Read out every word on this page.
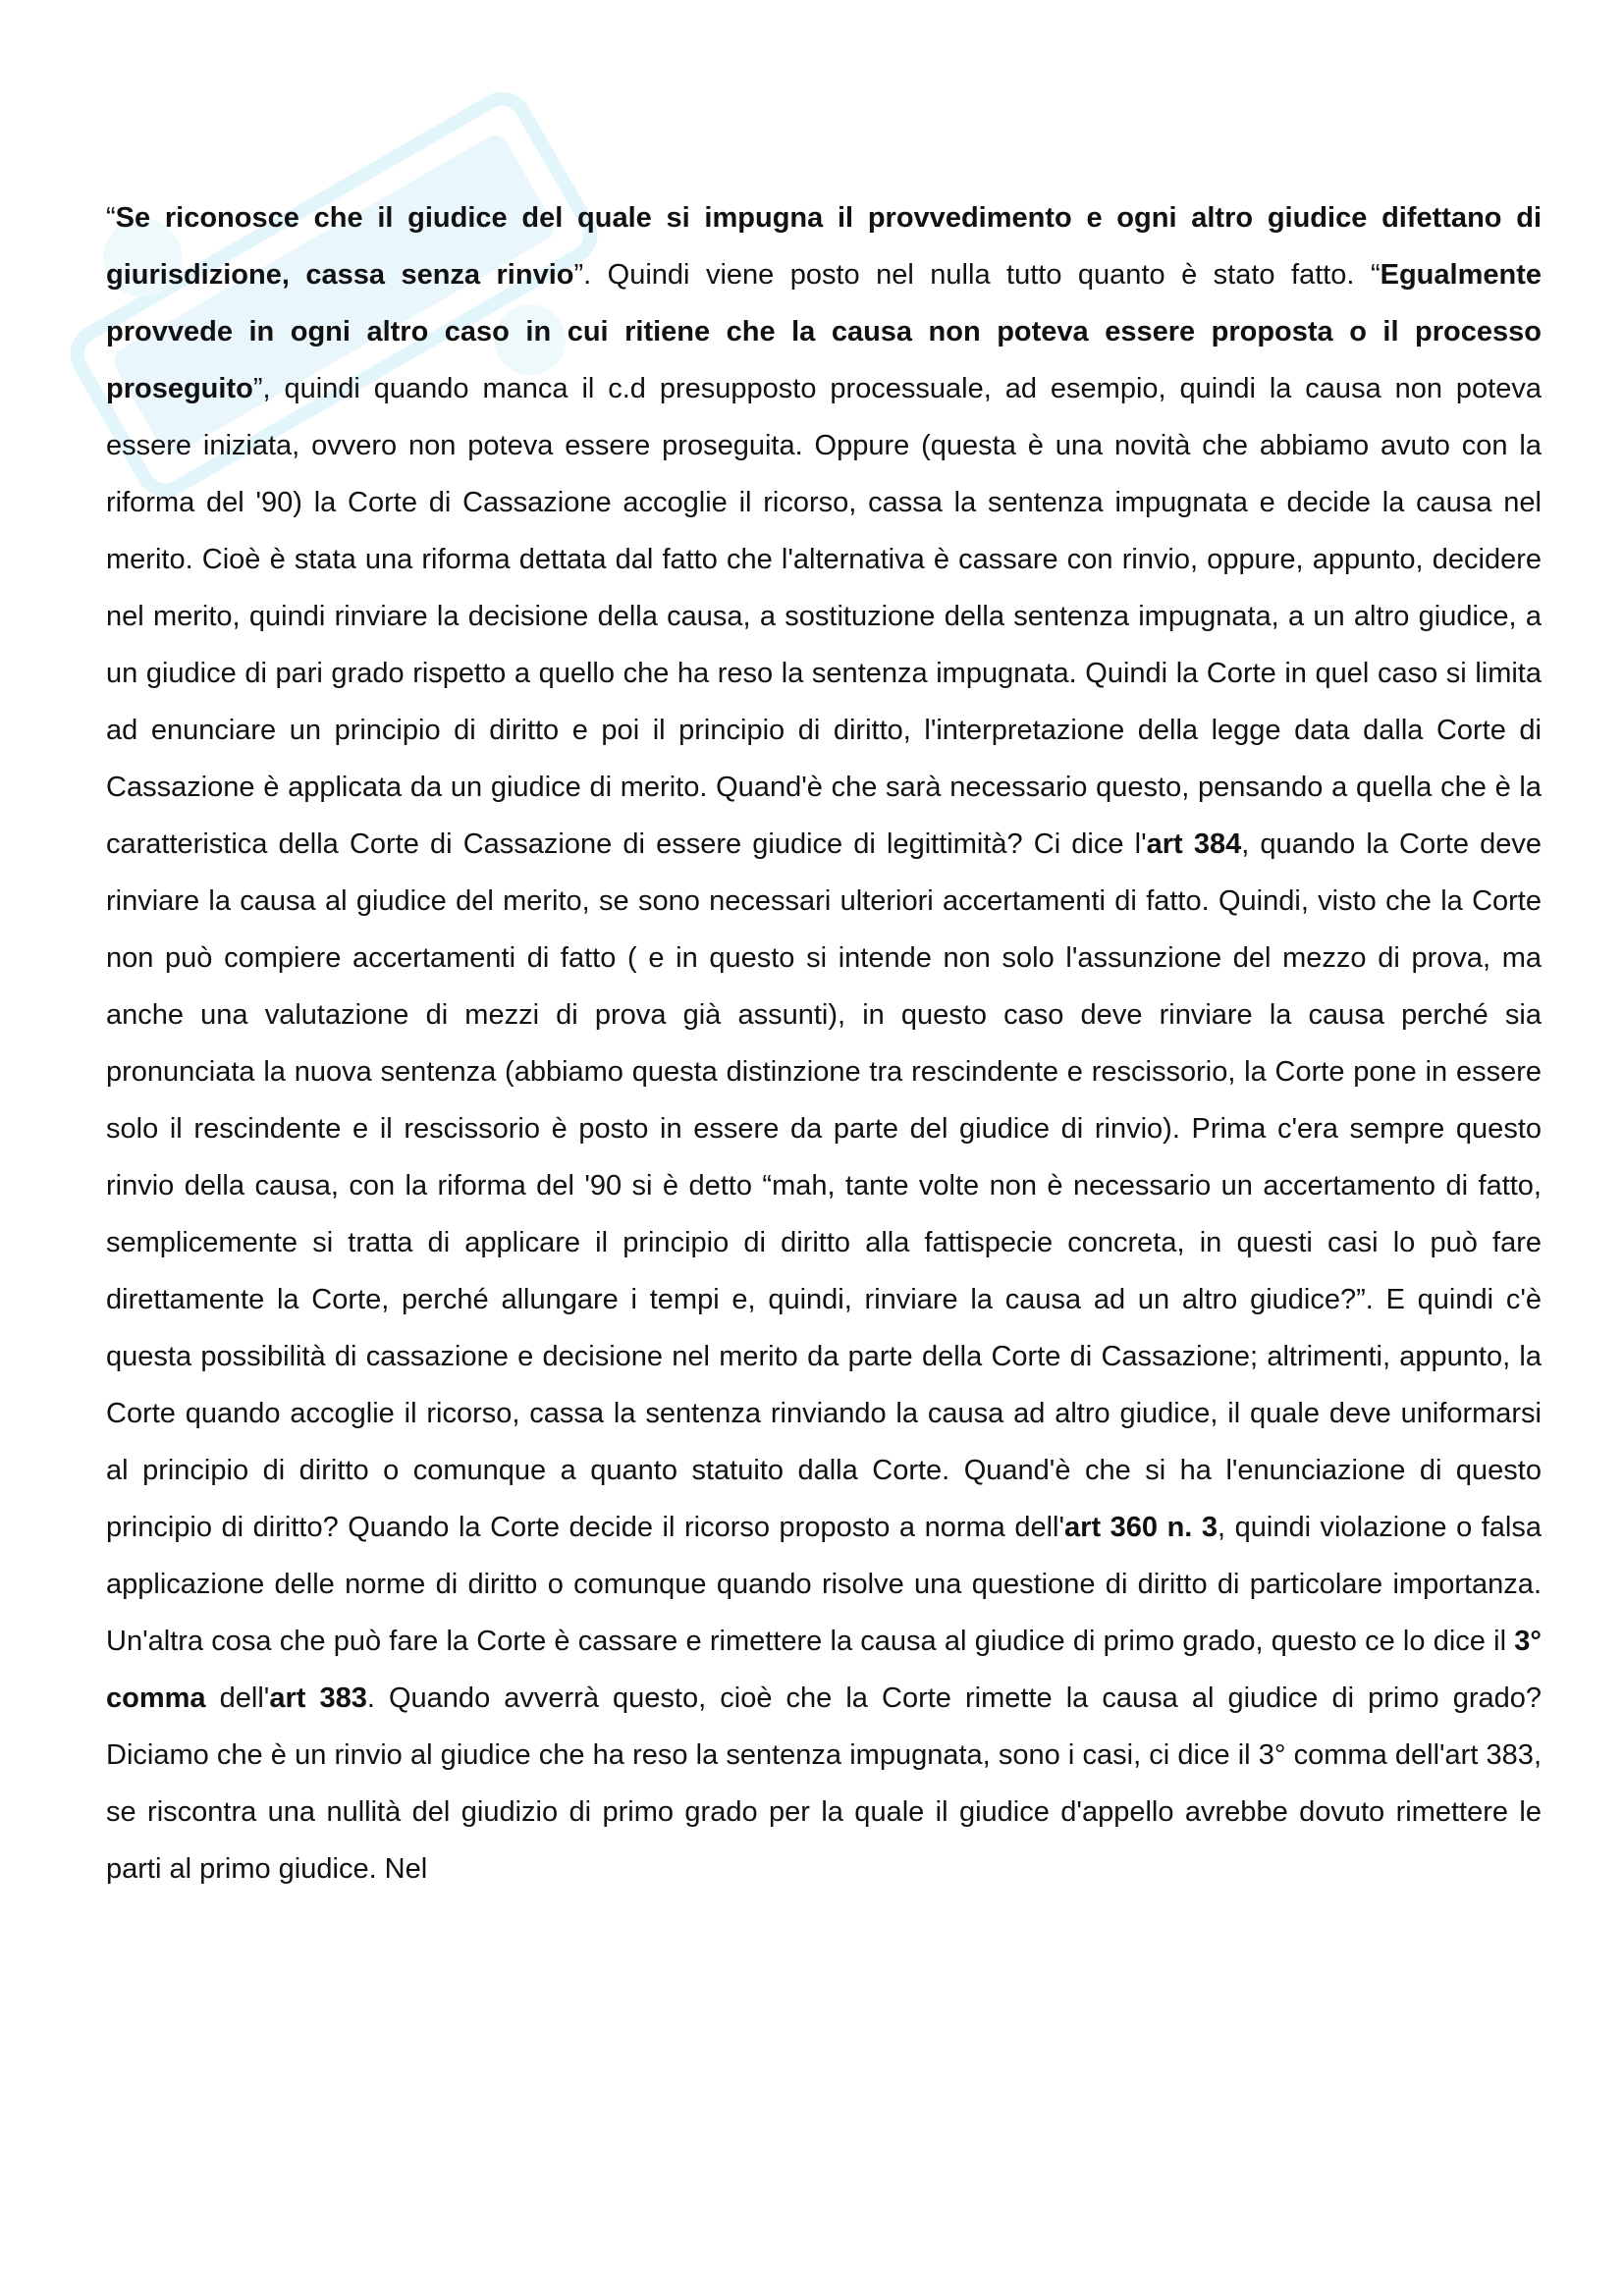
“Se riconosce che il giudice del quale si impugna il provvedimento e ogni altro giudice difettano di giurisdizione, cassa senza rinvio”. Quindi viene posto nel nulla tutto quanto è stato fatto. “Egualmente provvede in ogni altro caso in cui ritiene che la causa non poteva essere proposta o il processo proseguito”, quindi quando manca il c.d presupposto processuale, ad esempio, quindi la causa non poteva essere iniziata, ovvero non poteva essere proseguita. Oppure (questa è una novità che abbiamo avuto con la riforma del '90) la Corte di Cassazione accoglie il ricorso, cassa la sentenza impugnata e decide la causa nel merito. Cioè è stata una riforma dettata dal fatto che l'alternativa è cassare con rinvio, oppure, appunto, decidere nel merito, quindi rinviare la decisione della causa, a sostituzione della sentenza impugnata, a un altro giudice, a un giudice di pari grado rispetto a quello che ha reso la sentenza impugnata. Quindi la Corte in quel caso si limita ad enunciare un principio di diritto e poi il principio di diritto, l'interpretazione della legge data dalla Corte di Cassazione è applicata da un giudice di merito. Quand'è che sarà necessario questo, pensando a quella che è la caratteristica della Corte di Cassazione di essere giudice di legittimità? Ci dice l'art 384, quando la Corte deve rinviare la causa al giudice del merito, se sono necessari ulteriori accertamenti di fatto. Quindi, visto che la Corte non può compiere accertamenti di fatto ( e in questo si intende non solo l'assunzione del mezzo di prova, ma anche una valutazione di mezzi di prova già assunti), in questo caso deve rinviare la causa perché sia pronunciata la nuova sentenza (abbiamo questa distinzione tra rescindente e rescissorio, la Corte pone in essere solo il rescindente e il rescissorio è posto in essere da parte del giudice di rinvio). Prima c'era sempre questo rinvio della causa, con la riforma del '90 si è detto “mah, tante volte non è necessario un accertamento di fatto, semplicemente si tratta di applicare il principio di diritto alla fattispecie concreta, in questi casi lo può fare direttamente la Corte, perché allungare i tempi e, quindi, rinviare la causa ad un altro giudice?”. E quindi c'è questa possibilità di cassazione e decisione nel merito da parte della Corte di Cassazione; altrimenti, appunto, la Corte quando accoglie il ricorso, cassa la sentenza rinviando la causa ad altro giudice, il quale deve uniformarsi al principio di diritto o comunque a quanto statuito dalla Corte. Quand'è che si ha l'enunciazione di questo principio di diritto? Quando la Corte decide il ricorso proposto a norma dell'art 360 n. 3, quindi violazione o falsa applicazione delle norme di diritto o comunque quando risolve una questione di diritto di particolare importanza. Un'altra cosa che può fare la Corte è cassare e rimettere la causa al giudice di primo grado, questo ce lo dice il 3° comma dell'art 383. Quando avverrà questo, cioè che la Corte rimette la causa al giudice di primo grado? Diciamo che è un rinvio al giudice che ha reso la sentenza impugnata, sono i casi, ci dice il 3° comma dell'art 383, se riscontra una nullità del giudizio di primo grado per la quale il giudice d'appello avrebbe dovuto rimettere le parti al primo giudice. Nel
